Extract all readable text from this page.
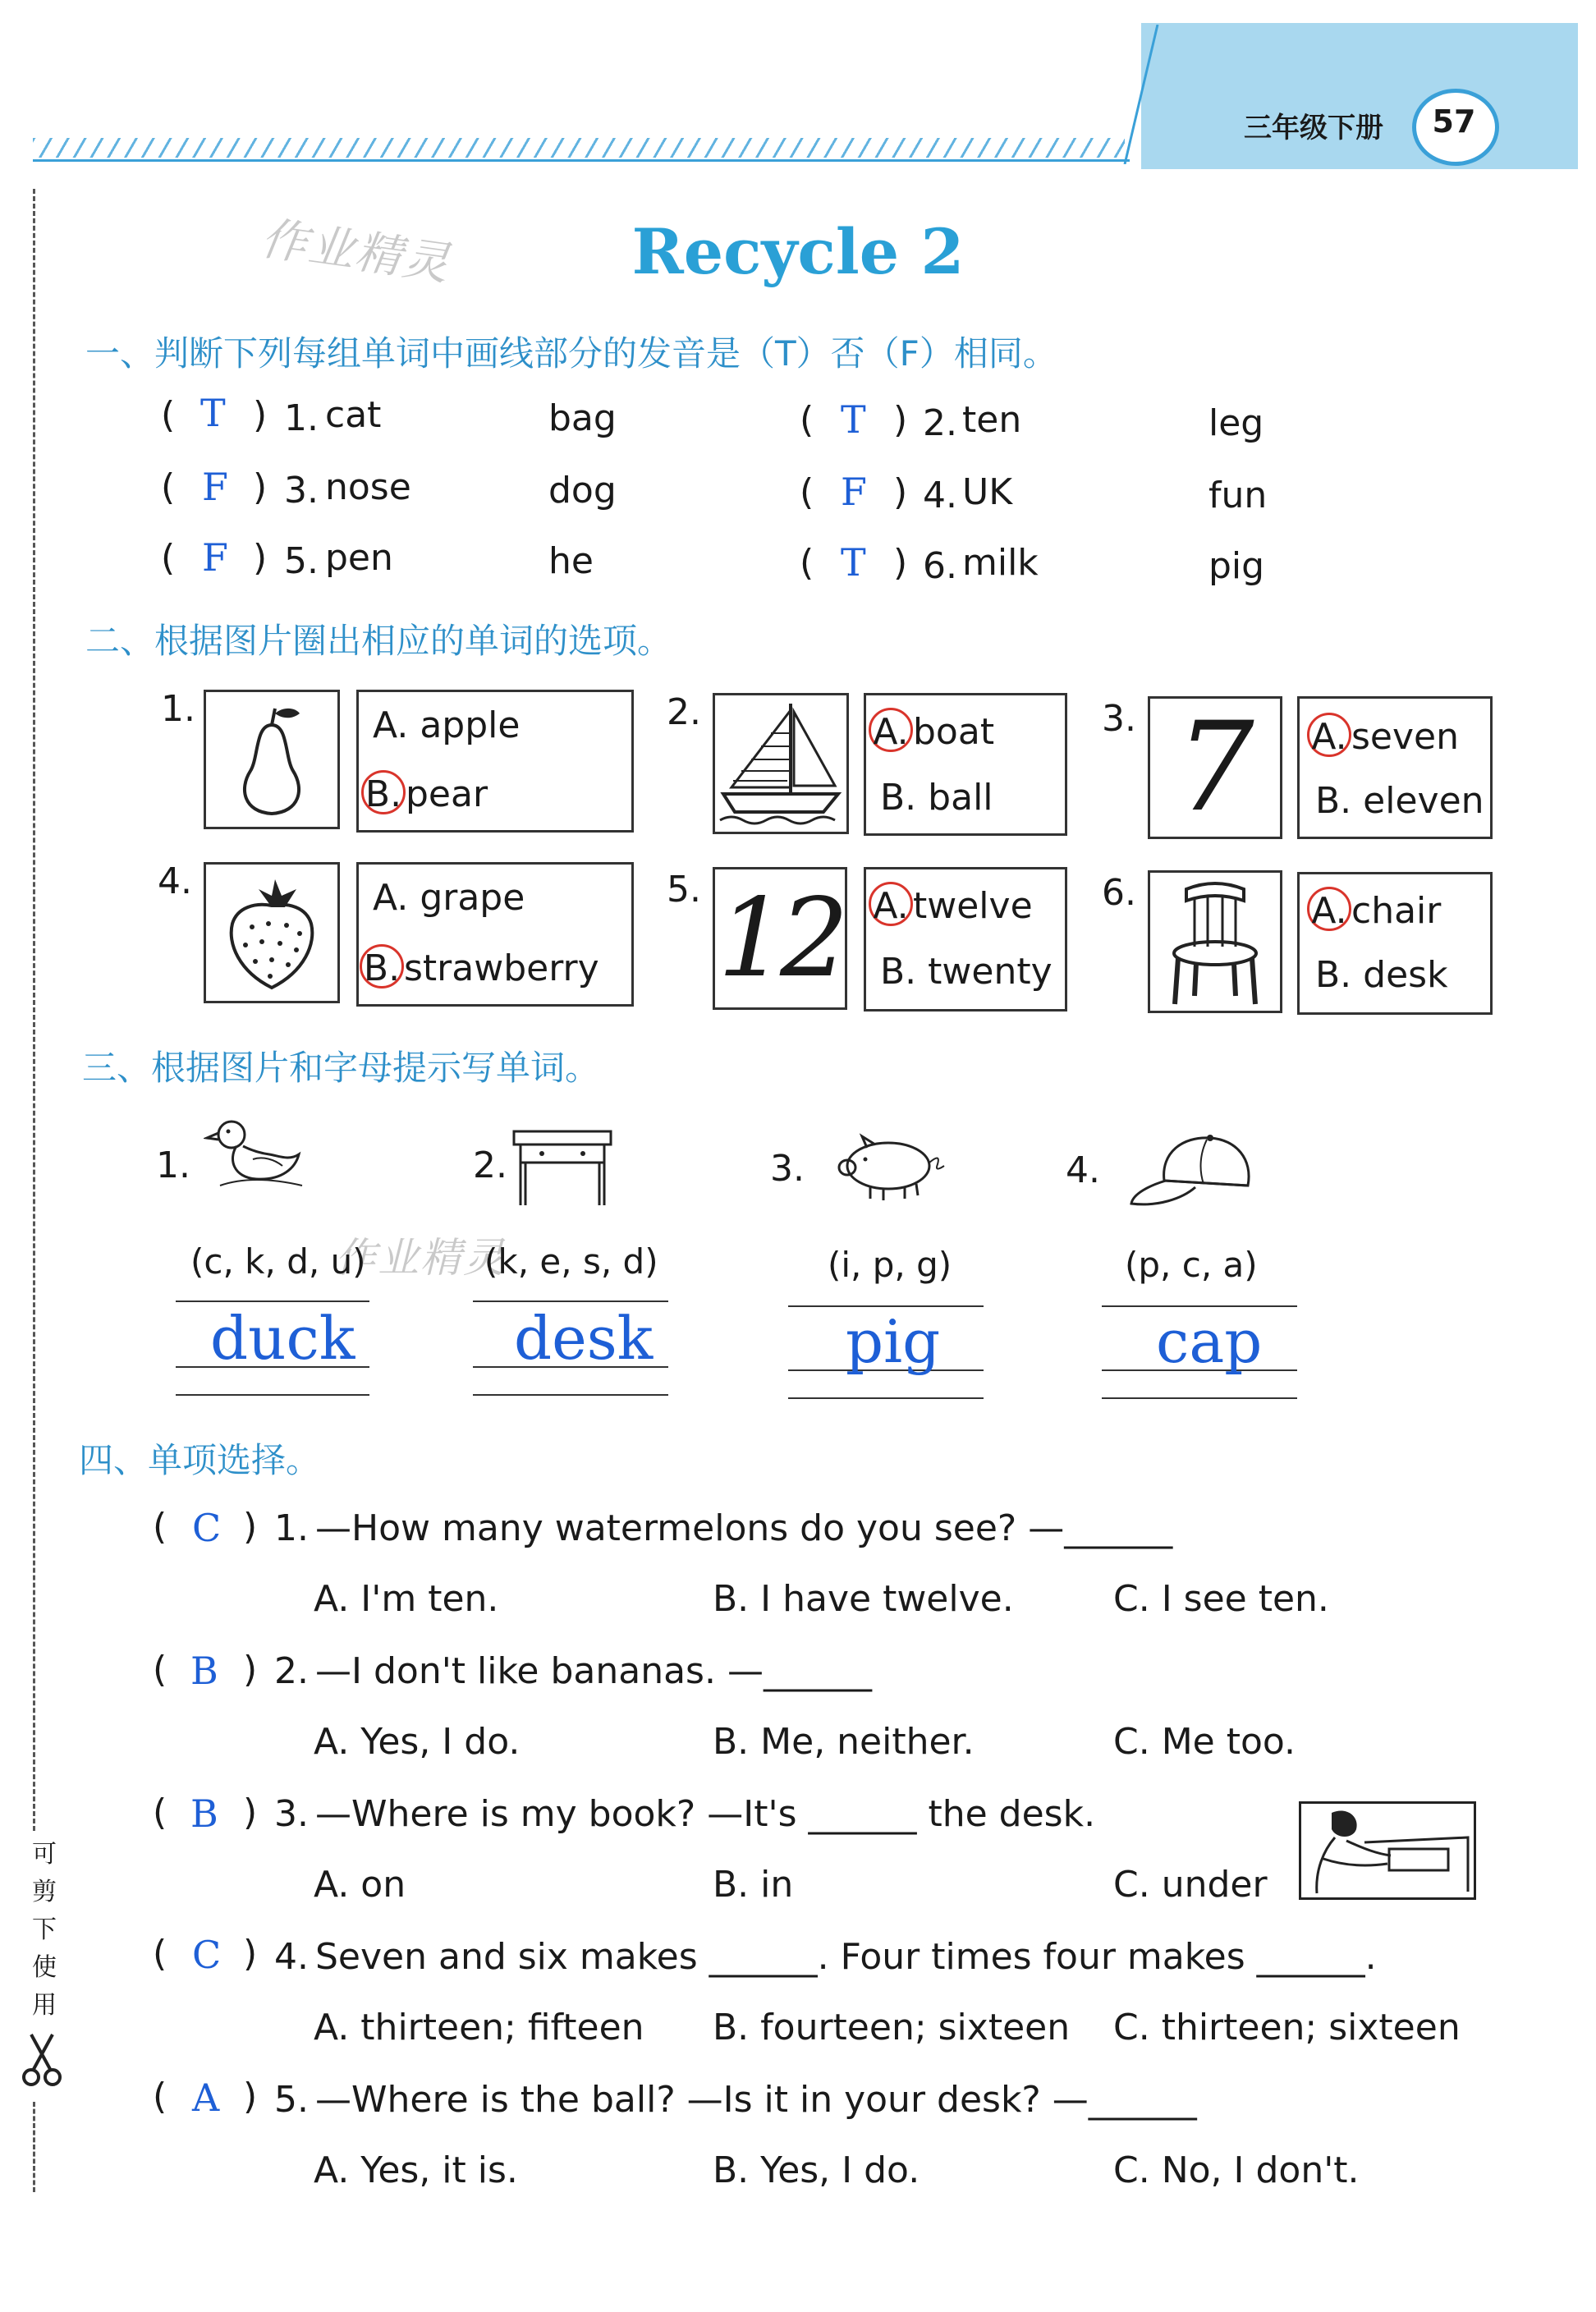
三年级下册 57
作业精灵
作业精灵
Recycle 2
一、判断下列每组单词中画线部分的发音是（T）否（F）相同。
( T ) 1. cat	bag	( T ) 2. ten	leg
( F ) 3. nose	dog	( F ) 4. UK	fun
( F ) 5. pen	he	( T ) 6. milk	pig
二、根据图片圈出相应的单词的选项。
1.	A. apple
B. pear
2.	A. boat
B. ball
3. 7	A. seven
B. eleven
4.	A. grape
B. strawberry
5. 12 A. twelve
B. twenty
6.	A. chair
B. desk
三、根据图片和字母提示写单词。
1.
(c, k, d, u)
duck
2.
(k, e, s, d)
desk
3.
(i, p, g)
pig
4.
(p, c, a)
cap
四、单项选择。
( C ) 1. —How many watermelons do you see? —______
A. I'm ten.	B. I have twelve.	C. I see ten.
( B ) 2. —I don't like bananas. —______
A. Yes, I do.	B. Me, neither.	C. Me too.
( B ) 3. —Where is my book? —It's ______ the desk.
A. on	B. in	C. under
( C ) 4. Seven and six makes ______. Four times four makes ______.
A. thirteen; fifteen B. fourteen; sixteen C. thirteen; sixteen
( A ) 5. —Where is the ball? —Is it in your desk? —______
A. Yes, it is.	B. Yes, I do.	C. No, I don't.
可
剪
下
使
用
